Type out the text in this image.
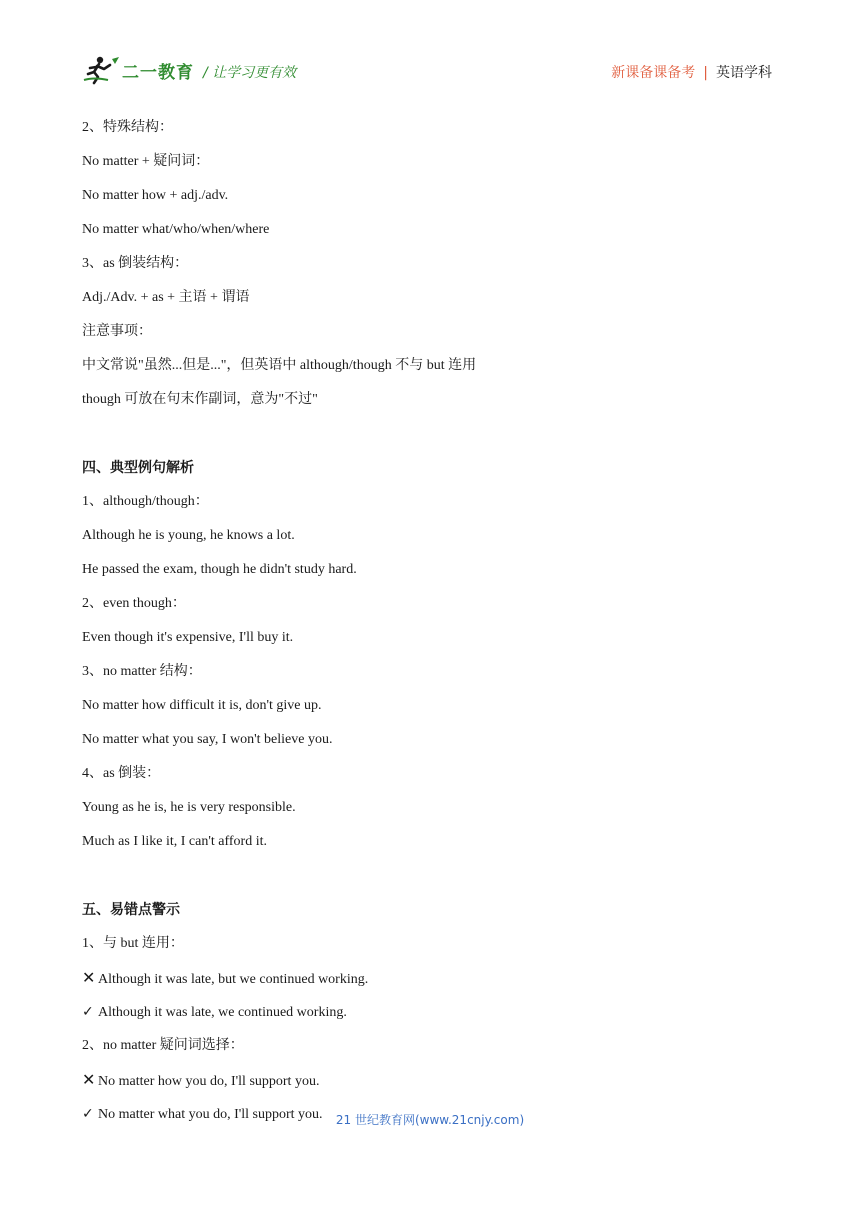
二一教育 / 让学习更有效	新课备课备考 | 英语学科
2、特殊结构：
No matter + 疑问词：
No matter how + adj./adv.
No matter what/who/when/where
3、as 倒装结构：
Adj./Adv. + as + 主语 + 谓语
注意事项：
中文常说"虽然...但是..."，但英语中 although/though 不与 but 连用
though 可放在句末作副词，意为"不过"
四、典型例句解析
1、although/though：
Although he is young, he knows a lot.
He passed the exam, though he didn't study hard.
2、even though：
Even though it's expensive, I'll buy it.
3、no matter 结构：
No matter how difficult it is, don't give up.
No matter what you say, I won't believe you.
4、as 倒装：
Young as he is, he is very responsible.
Much as I like it, I can't afford it.
五、易错点警示
1、与 but 连用：
✕ Although it was late, but we continued working.
✓ Although it was late, we continued working.
2、no matter 疑问词选择：
✕ No matter how you do, I'll support you.
✓ No matter what you do, I'll support you.	21 世纪教育网(www.21cnjy.com)
